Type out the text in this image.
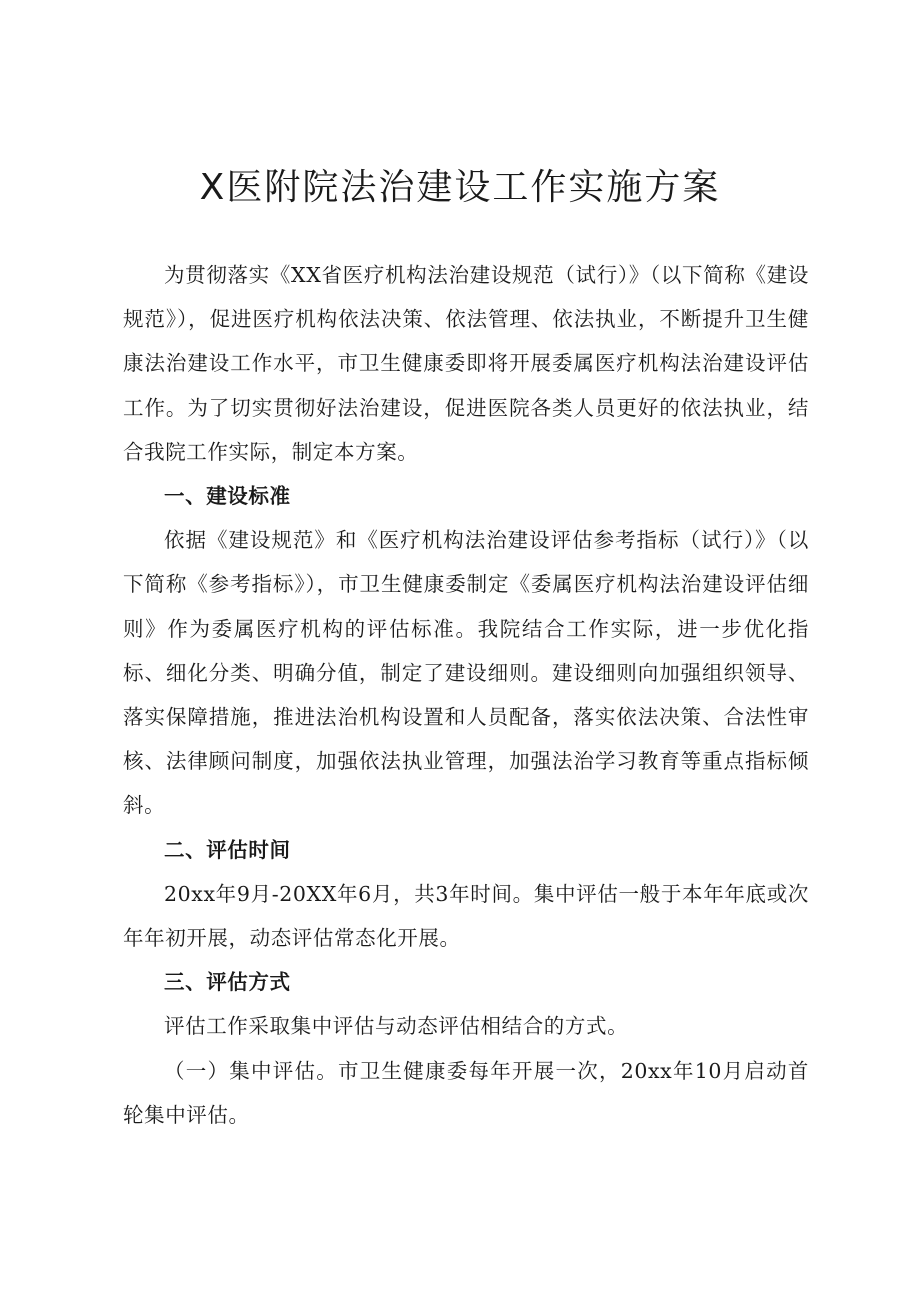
X医附院法治建设工作实施方案

为贯彻落实《XX省医疗机构法治建设规范（试行）》（以下简称《建设规范》），促进医疗机构依法决策、依法管理、依法执业，不断提升卫生健康法治建设工作水平，市卫生健康委即将开展委属医疗机构法治建设评估工作。为了切实贯彻好法治建设，促进医院各类人员更好的依法执业，结合我院工作实际，制定本方案。

一、建设标准

依据《建设规范》和《医疗机构法治建设评估参考指标（试行）》（以下简称《参考指标》），市卫生健康委制定《委属医疗机构法治建设评估细则》作为委属医疗机构的评估标准。我院结合工作实际，进一步优化指标、细化分类、明确分值，制定了建设细则。建设细则向加强组织领导、落实保障措施，推进法治机构设置和人员配备，落实依法决策、合法性审核、法律顾问制度，加强依法执业管理，加强法治学习教育等重点指标倾斜。

二、评估时间

20xx年9月-20XX年6月，共3年时间。集中评估一般于本年年底或次年年初开展，动态评估常态化开展。

三、评估方式

评估工作采取集中评估与动态评估相结合的方式。

（一）集中评估。市卫生健康委每年开展一次，20xx年10月启动首轮集中评估。
